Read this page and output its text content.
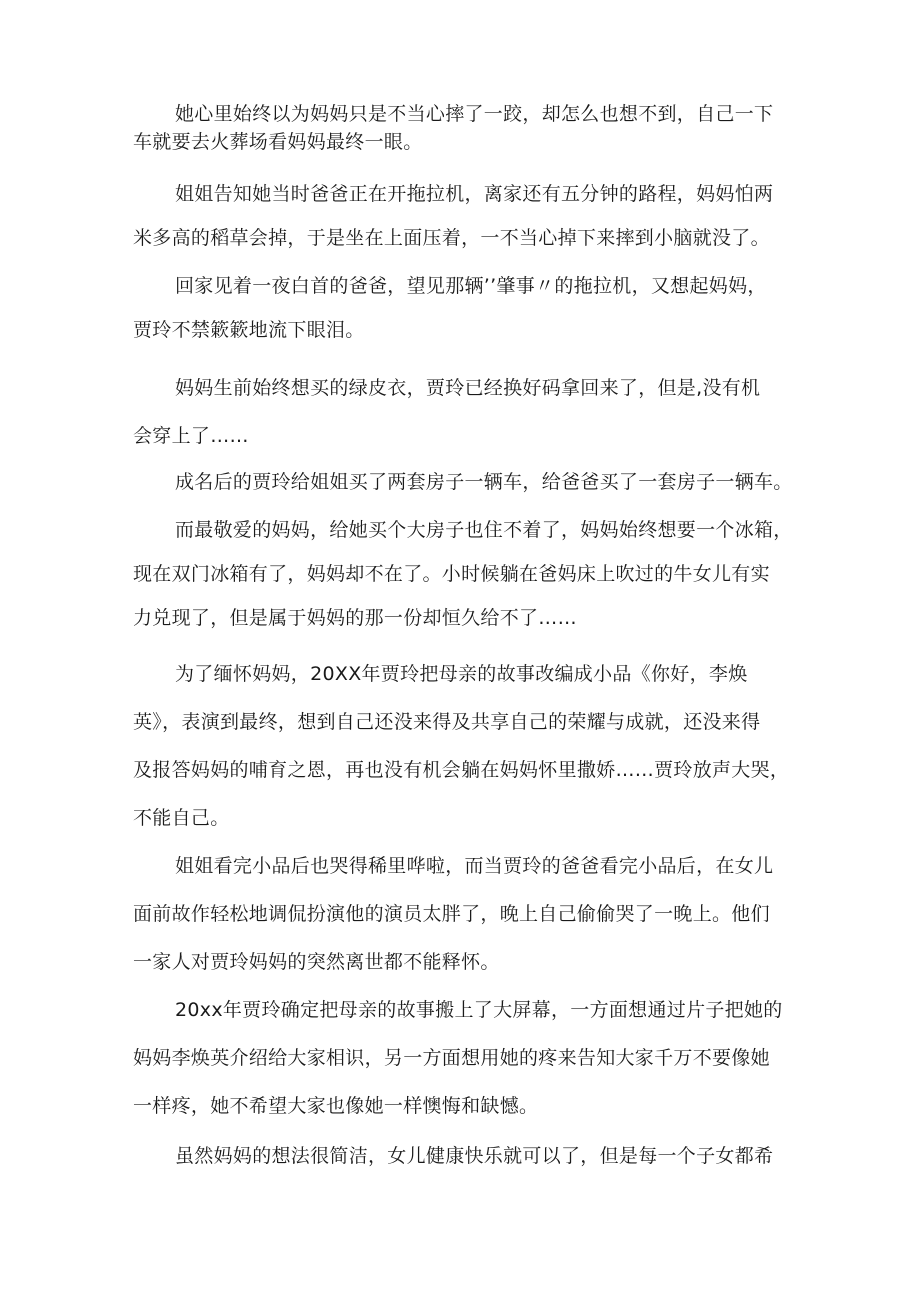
她心里始终以为妈妈只是不当心摔了一跤，却怎么也想不到，自己一下
车就要去火葬场看妈妈最终一眼。

姐姐告知她当时爸爸正在开拖拉机，离家还有五分钟的路程，妈妈怕两
米多高的稻草会掉，于是坐在上面压着，一不当心掉下来摔到小脑就没了。

回家见着一夜白首的爸爸，望见那辆’’肇事〃的拖拉机，又想起妈妈，
贾玲不禁簌簌地流下眼泪。

妈妈生前始终想买的绿皮衣，贾玲已经换好码拿回来了，但是,没有机
会穿上了……

成名后的贾玲给姐姐买了两套房子一辆车，给爸爸买了一套房子一辆车。

而最敬爱的妈妈，给她买个大房子也住不着了，妈妈始终想要一个冰箱，
现在双门冰箱有了，妈妈却不在了。小时候躺在爸妈床上吹过的牛女儿有实
力兑现了，但是属于妈妈的那一份却恒久给不了……

为了缅怀妈妈，20XX年贾玲把母亲的故事改编成小品《你好，李焕
英》，表演到最终，想到自己还没来得及共享自己的荣耀与成就，还没来得
及报答妈妈的哺育之恩，再也没有机会躺在妈妈怀里撒娇……贾玲放声大哭，
不能自己。

姐姐看完小品后也哭得稀里哗啦，而当贾玲的爸爸看完小品后，在女儿
面前故作轻松地调侃扮演他的演员太胖了，晚上自己偷偷哭了一晚上。他们
一家人对贾玲妈妈的突然离世都不能释怀。

20xx年贾玲确定把母亲的故事搬上了大屏幕，一方面想通过片子把她的
妈妈李焕英介绍给大家相识，另一方面想用她的疼来告知大家千万不要像她
一样疼，她不希望大家也像她一样懊悔和缺憾。

虽然妈妈的想法很简洁，女儿健康快乐就可以了，但是每一个子女都希
